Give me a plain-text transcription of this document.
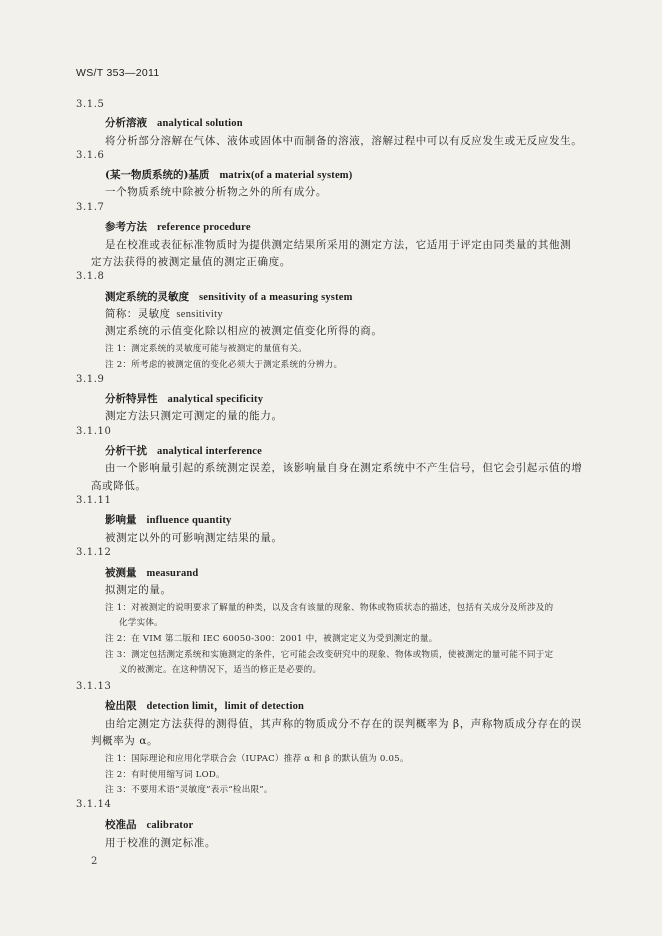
WS/T 353—2011
3.1.5
分析溶液 analytical solution
将分析部分溶解在气体、液体或固体中而制备的溶液，溶解过程中可以有反应发生或无反应发生。
3.1.6
(某一物质系统的)基质 matrix(of a material system)
一个物质系统中除被分析物之外的所有成分。
3.1.7
参考方法 reference procedure
是在校准或表征标准物质时为提供测定结果所采用的测定方法，它适用于评定由同类量的其他测
定方法获得的被测定量值的测定正确度。
3.1.8
测定系统的灵敏度 sensitivity of a measuring system
简称：灵敏度 sensitivity
测定系统的示值变化除以相应的被测定值变化所得的商。
注 1：测定系统的灵敏度可能与被测定的量值有关。
注 2：所考虑的被测定值的变化必须大于测定系统的分辨力。
3.1.9
分析特异性 analytical specificity
测定方法只测定可测定的量的能力。
3.1.10
分析干扰 analytical interference
由一个影响量引起的系统测定误差，该影响量自身在测定系统中不产生信号，但它会引起示值的增
高或降低。
3.1.11
影响量 influence quantity
被测定以外的可影响测定结果的量。
3.1.12
被测量 measurand
拟测定的量。
注 1：对被测定的说明要求了解量的种类，以及含有该量的现象、物体或物质状态的描述，包括有关成分及所涉及的
化学实体。
注 2：在 VIM 第二版和 IEC 60050-300：2001 中，被测定定义为受到测定的量。
注 3：测定包括测定系统和实施测定的条件，它可能会改变研究中的现象、物体或物质，使被测定的量可能不同于定
义的被测定。在这种情况下，适当的修正是必要的。
3.1.13
检出限 detection limit，limit of detection
由给定测定方法获得的测得值，其声称的物质成分不存在的误判概率为 β，声称物质成分存在的误
判概率为 α。
注 1：国际理论和应用化学联合会（IUPAC）推荐 α 和 β 的默认值为 0.05。
注 2：有时使用缩写词 LOD。
注 3：不要用术语“灵敏度”表示“检出限”。
3.1.14
校准品 calibrator
用于校准的测定标准。
2
